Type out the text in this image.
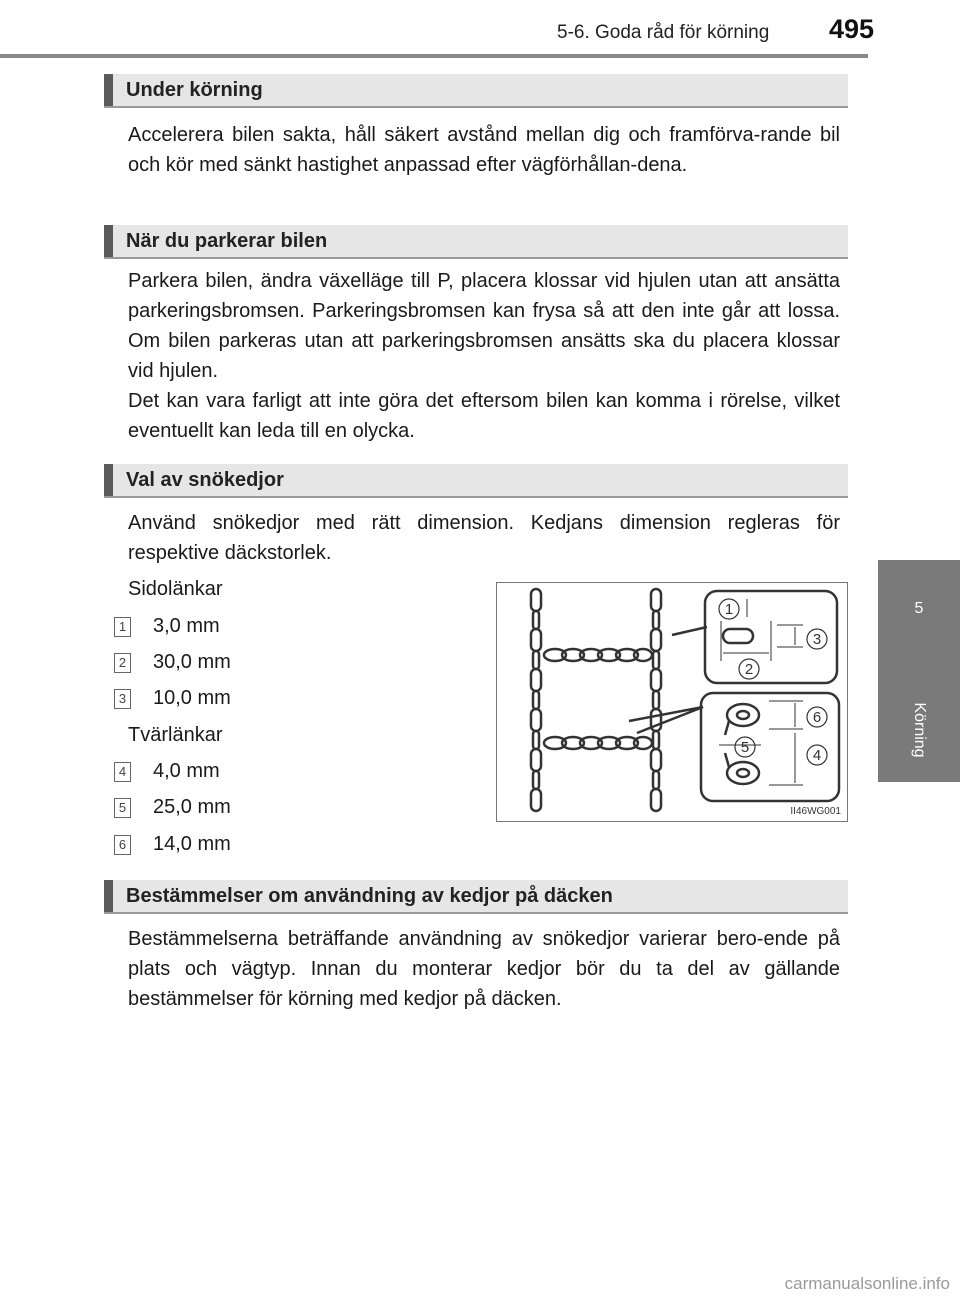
5-6. Goda råd för körning 495
5
Körning
Under körning

Accelerera bilen sakta, håll säkert avstånd mellan dig och framförva-rande bil och kör med sänkt hastighet anpassad efter vägförhållan-dena.

När du parkerar bilen

Parkera bilen, ändra växelläge till P, placera klossar vid hjulen utan att ansätta parkeringsbromsen. Parkeringsbromsen kan frysa så att den inte går att lossa. Om bilen parkeras utan att parkeringsbromsen ansätts ska du placera klossar vid hjulen.

Det kan vara farligt att inte göra det eftersom bilen kan komma i rörelse, vilket eventuellt kan leda till en olycka.

Val av snökedjor

Använd snökedjor med rätt dimension. Kedjans dimension regleras för respektive däckstorlek.

Sidolänkar
1 3,0 mm
2 30,0 mm
3 10,0 mm
Tvärlänkar
4 4,0 mm
5 25,0 mm
6 14,0 mm
1
2
3
4
5
6
II46WG001
Bestämmelser om användning av kedjor på däcken

Bestämmelserna beträffande användning av snökedjor varierar bero-ende på plats och vägtyp. Innan du monterar kedjor bör du ta del av gällande bestämmelser för körning med kedjor på däcken.

carmanualsonline.info
